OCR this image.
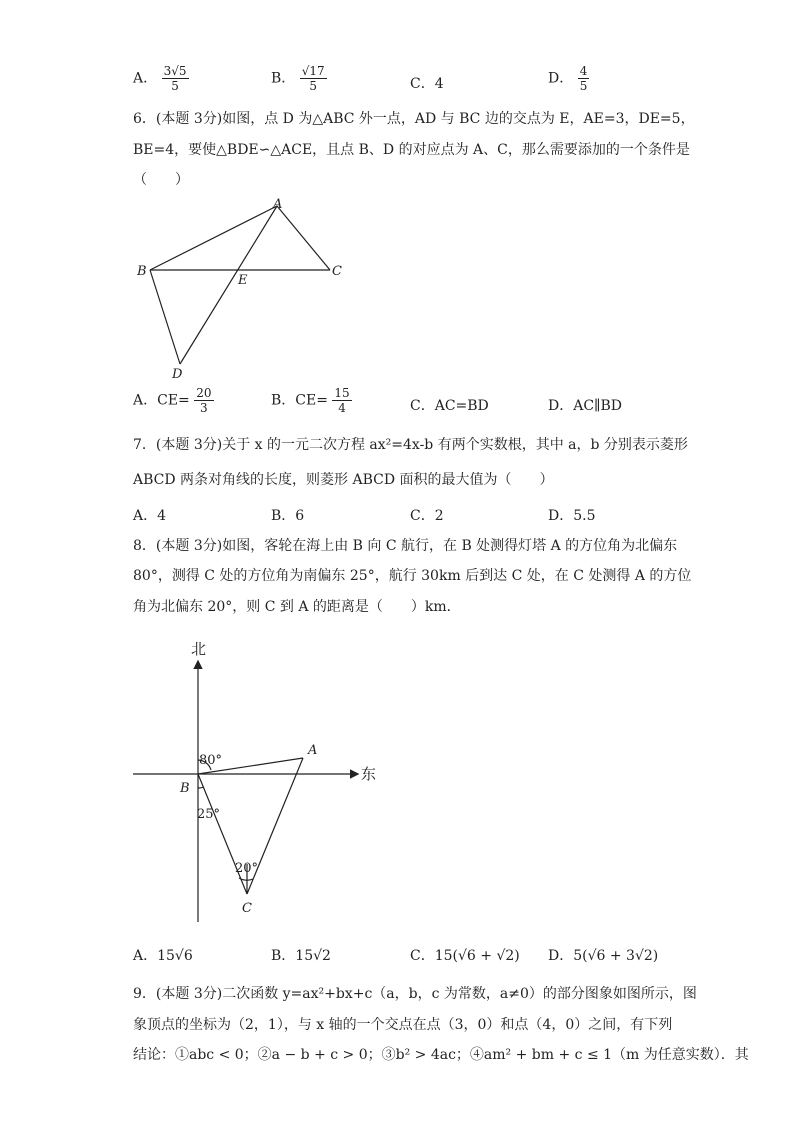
A． $\frac{3√5}{5}$	B． $\frac{√17}{5}$	C．4	D． $\frac{4}{5}$
6．(本题 3分)如图，点 D 为△ABC 外一点，AD 与 BC 边的交点为 E，AE=3，DE=5，
BE=4，要使△BDE∽△ACE，且点 B、D 的对应点为 A、C，那么需要添加的一个条件是
（　　）
A
B	C
E
D
A．$CE= \frac{20}{3}$	B．$CE= \frac{15}{4}$	C．AC=BD	D．AC∥BD
7．(本题 3分)关于 x 的一元二次方程 ax²=4x-b 有两个实数根，其中 a，b 分别表示菱形
ABCD 两条对角线的长度，则菱形 ABCD 面积的最大值为（　　）
A．4	B．6	C．2	D．5.5
8．(本题 3分)如图，客轮在海上由 B 向 C 航行，在 B 处测得灯塔 A 的方位角为北偏东
80°，测得 C 处的方位角为南偏东 25°，航行 30km 后到达 C 处，在 C 处测得 A 的方位
角为北偏东 20°，则 C 到 A 的距离是（　　）km．
北
东
80°
25°
20°
A
B
C
A．15√6	B．15√2	C．15(√6 + √2) D．5(√6 + 3√2)
9．(本题 3分)二次函数 y=ax²+bx+c（a，b，c 为常数，a≠0）的部分图象如图所示，图
象顶点的坐标为（2，1），与 x 轴的一个交点在点（3，0）和点（4，0）之间，有下列
结论：①abc < 0；②a − b + c > 0；③b² > 4ac；④am² + bm + c ≤ 1（m 为任意实数）．其
